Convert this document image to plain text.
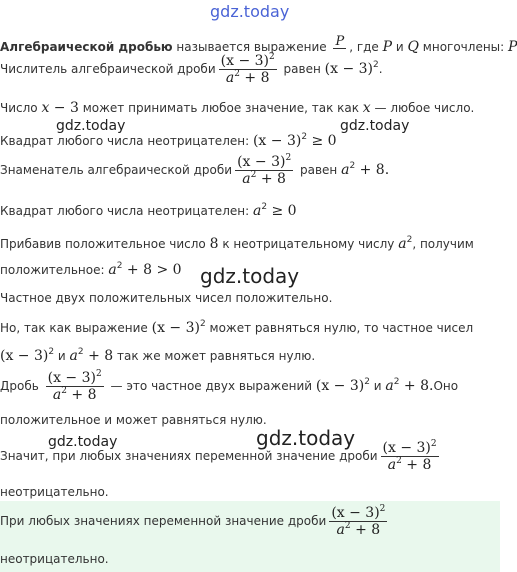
gdz.today
gdz.today	gdz.today
gdz.today
gdz.today	gdz.today
Алгебраической дробью называется выражение P
, где P и Q многочлены: P
Числитель алгебраической дроби $\frac{(x - 3)^2}{a^2 + 8}$ равен $(x - 3)^2$.
Число x − 3 может принимать любое значение, так как x — любое число.
Квадрат любого числа неотрицателен: $(x - 3)^2 \ge 0$
Знаменатель алгебраической дроби $\frac{(x - 3)^2}{a^2 + 8}$ равен $a^2 + 8$.
Квадрат любого числа неотрицателен: $a^2 \ge 0$
Прибавив положительное число 8 к неотрицательному числу $a^2$, получим
положительное: $a^2 + 8 > 0$
Частное двух положительных чисел положительно.
Но, так как выражение $(x - 3)^2$ может равняться нулю, то частное чисел
$(x - 3)^2$ и $a^2 + 8$ так же может равняться нулю.
Дробь $\frac{(x - 3)^2}{a^2 + 8}$ — это частное двух выражений $(x - 3)^2$ и $a^2 + 8.Оно$
положительное и может равняться нулю.
Значит, при любых значениях переменной значение дроби $\frac{(x - 3)^2}{a^2 + 8}$
неотрицательно.
При любых значениях переменной значение дроби $\frac{(x - 3)^2}{a^2 + 8}$
неотрицательно.
